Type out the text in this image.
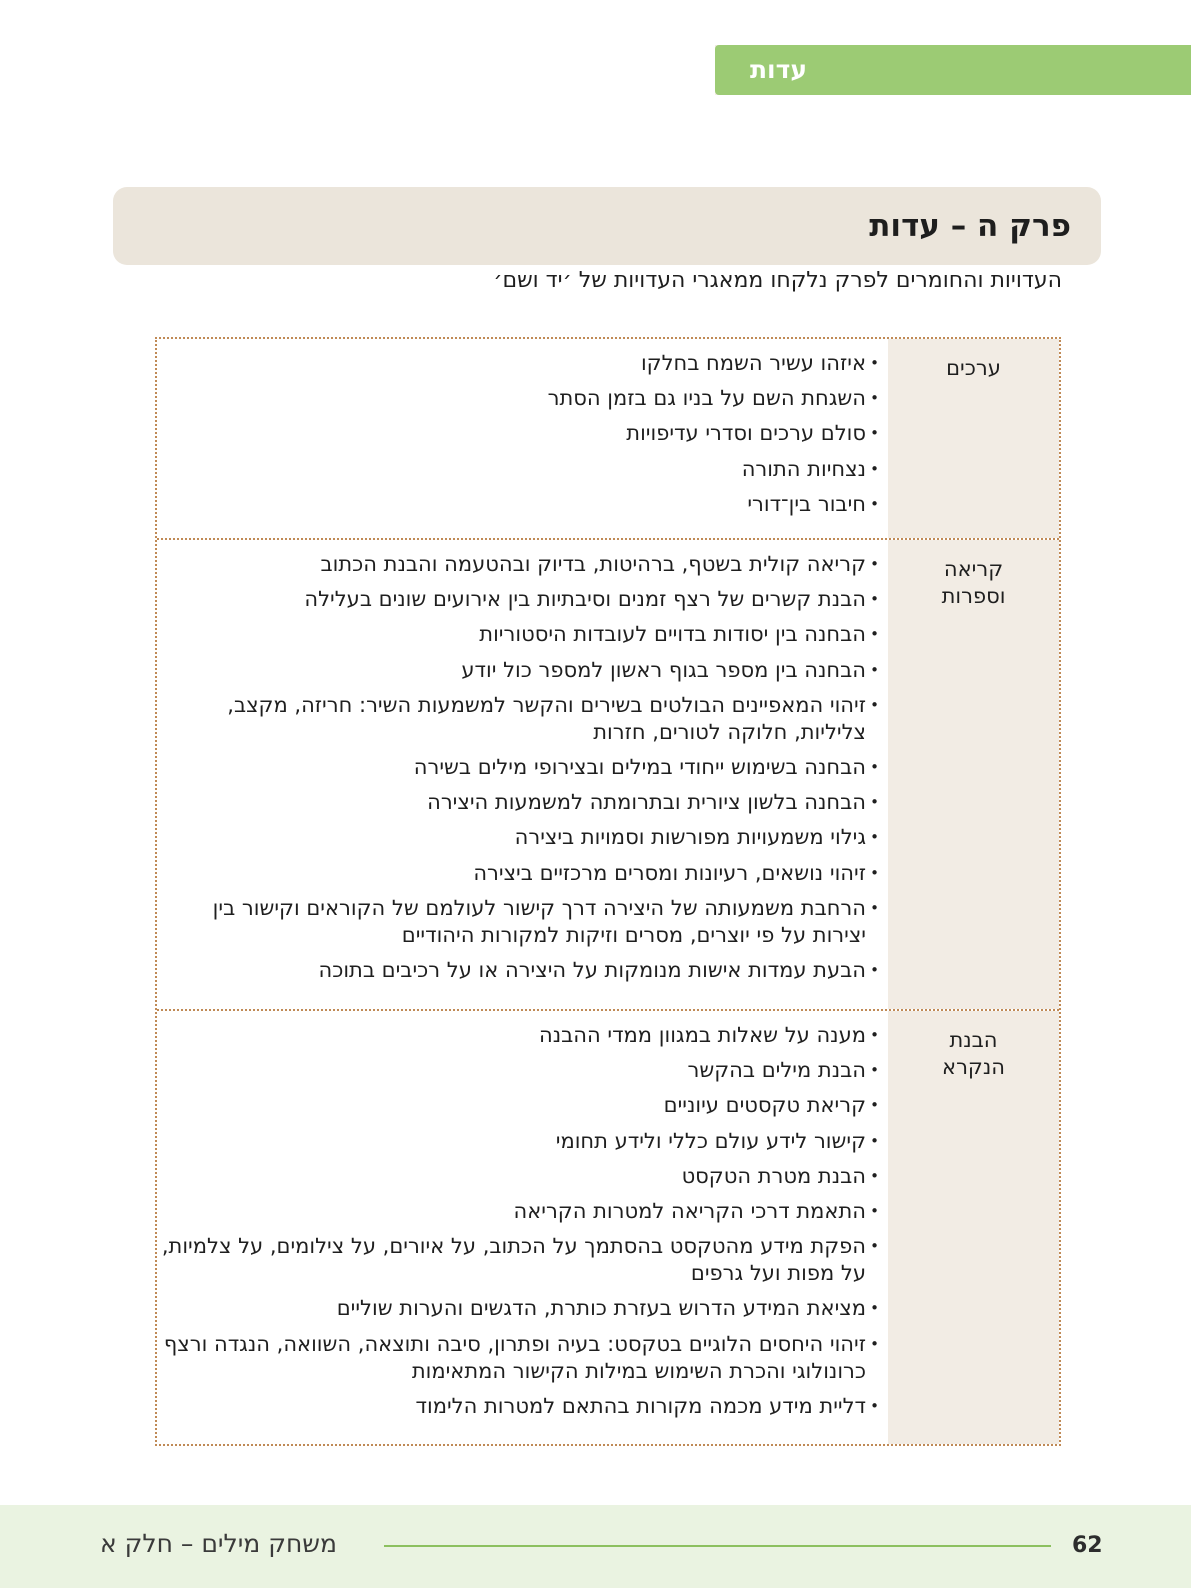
עדות
פרק ה – עדות
העדויות והחומרים לפרק נלקחו ממאגרי העדויות של ׳יד ושם׳
ערכים
• איזהו עשיר השמח בחלקו
• השגחת השם על בניו גם בזמן הסתר
• סולם ערכים וסדרי עדיפויות
• נצחיות התורה
• חיבור בין־דורי
קריאה
וספרות
• קריאה קולית בשטף, ברהיטות, בדיוק ובהטעמה והבנת הכתוב
• הבנת קשרים של רצף זמנים וסיבתיות בין אירועים שונים בעלילה
• הבחנה בין יסודות בדויים לעובדות היסטוריות
• הבחנה בין מספר בגוף ראשון למספר כול יודע
• זיהוי המאפיינים הבולטים בשירים והקשר למשמעות השיר: חריזה, מקצב, צליליות, חלוקה לטורים, חזרות
• הבחנה בשימוש ייחודי במילים ובצירופי מילים בשירה
• הבחנה בלשון ציורית ובתרומתה למשמעות היצירה
• גילוי משמעויות מפורשות וסמויות ביצירה
• זיהוי נושאים, רעיונות ומסרים מרכזיים ביצירה
• הרחבת משמעותה של היצירה דרך קישור לעולמם של הקוראים וקישור בין יצירות על פי יוצרים, מסרים וזיקות למקורות היהודיים
• הבעת עמדות אישות מנומקות על היצירה או על רכיבים בתוכה
הבנת
הנקרא
• מענה על שאלות במגוון ממדי ההבנה
• הבנת מילים בהקשר
• קריאת טקסטים עיוניים
• קישור לידע עולם כללי ולידע תחומי
• הבנת מטרת הטקסט
• התאמת דרכי הקריאה למטרות הקריאה
• הפקת מידע מהטקסט בהסתמך על הכתוב, על איורים, על צילומים, על צלמיות, על מפות ועל גרפים
• מציאת המידע הדרוש בעזרת כותרת, הדגשים והערות שוליים
• זיהוי היחסים הלוגיים בטקסט: בעיה ופתרון, סיבה ותוצאה, השוואה, הנגדה ורצף כרונולוגי והכרת השימוש במילות הקישור המתאימות
• דליית מידע מכמה מקורות בהתאם למטרות הלימוד
62
משחק מילים – חלק א
